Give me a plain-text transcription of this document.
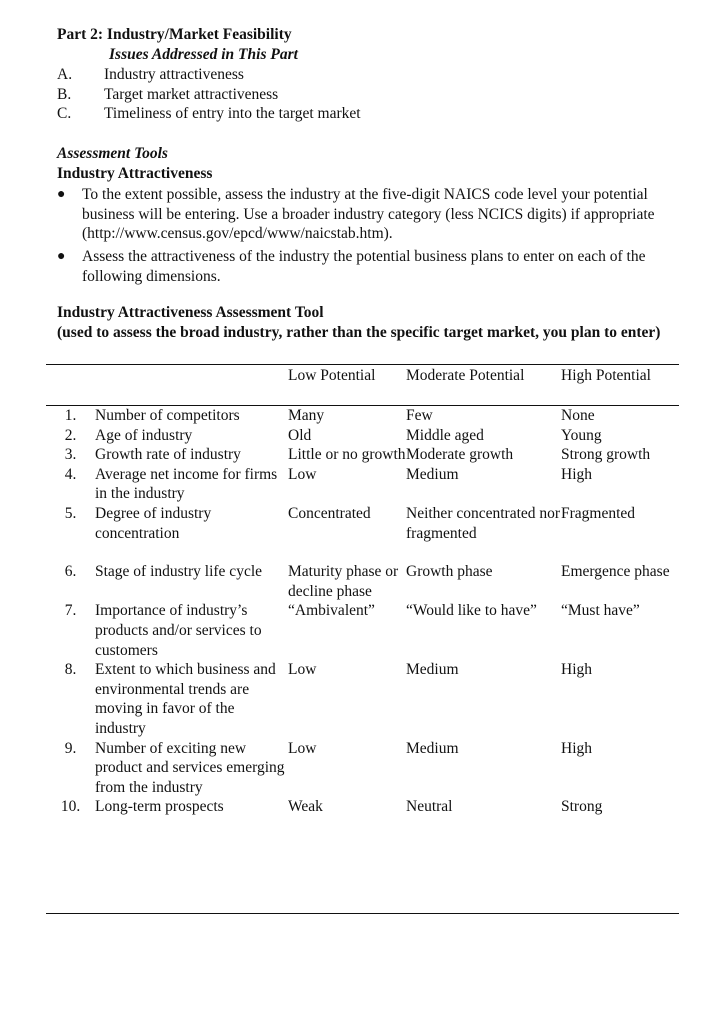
Part 2: Industry/Market Feasibility
Issues Addressed in This Part
A. Industry attractiveness
B. Target market attractiveness
C. Timeliness of entry into the target market
Assessment Tools
Industry Attractiveness
● To the extent possible, assess the industry at the five-digit NAICS code level your potential business will be entering. Use a broader industry category (less NCICS digits) if appropriate (http://www.census.gov/epcd/www/naicstab.htm).
● Assess the attractiveness of the industry the potential business plans to enter on each of the following dimensions.
Industry Attractiveness Assessment Tool
(used to assess the broad industry, rather than the specific target market, you plan to enter)
		Low Potential	Moderate Potential	High Potential
1.	Number of competitors	Many	Few	None
2.	Age of industry	Old	Middle aged	Young
3.	Growth rate of industry	Little or no growth	Moderate growth	Strong growth
4.	Average net income for firms in the industry	Low	Medium	High
5.	Degree of industry concentration	Concentrated	Neither concentrated nor fragmented	Fragmented

6.	Stage of industry life cycle	Maturity phase or decline phase	Growth phase	Emergence phase
7.	Importance of industry’s products and/or services to customers	“Ambivalent”	“Would like to have”	“Must have”
8.	Extent to which business and environmental trends are moving in favor of the industry	Low	Medium	High
9.	Number of exciting new product and services emerging from the industry	Low	Medium	High
10.	Long-term prospects	Weak	Neutral	Strong
